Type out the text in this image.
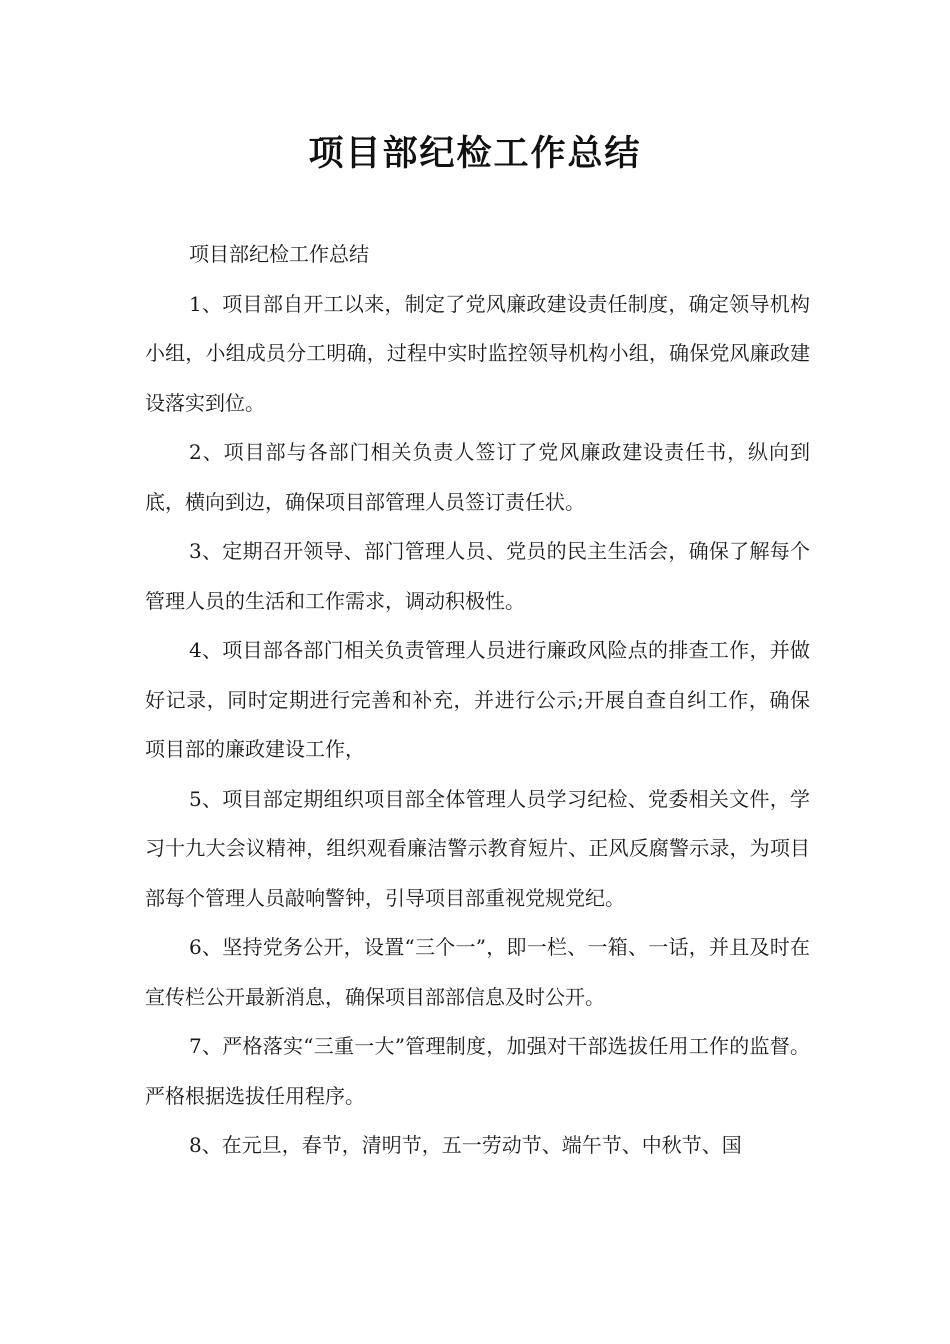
项目部纪检工作总结

项目部纪检工作总结

1、项目部自开工以来，制定了党风廉政建设责任制度，确定领导机构小组，小组成员分工明确，过程中实时监控领导机构小组，确保党风廉政建设落实到位。

2、项目部与各部门相关负责人签订了党风廉政建设责任书，纵向到底，横向到边，确保项目部管理人员签订责任状。

3、定期召开领导、部门管理人员、党员的民主生活会，确保了解每个管理人员的生活和工作需求，调动积极性。

4、项目部各部门相关负责管理人员进行廉政风险点的排查工作，并做好记录，同时定期进行完善和补充，并进行公示;开展自查自纠工作，确保项目部的廉政建设工作，

5、项目部定期组织项目部全体管理人员学习纪检、党委相关文件，学习十九大会议精神，组织观看廉洁警示教育短片、正风反腐警示录，为项目部每个管理人员敲响警钟，引导项目部重视党规党纪。

6、坚持党务公开，设置“三个一”，即一栏、一箱、一话，并且及时在宣传栏公开最新消息，确保项目部部信息及时公开。

7、严格落实“三重一大”管理制度，加强对干部选拔任用工作的监督。严格根据选拔任用程序。

8、在元旦，春节，清明节，五一劳动节、端午节、中秋节、国
